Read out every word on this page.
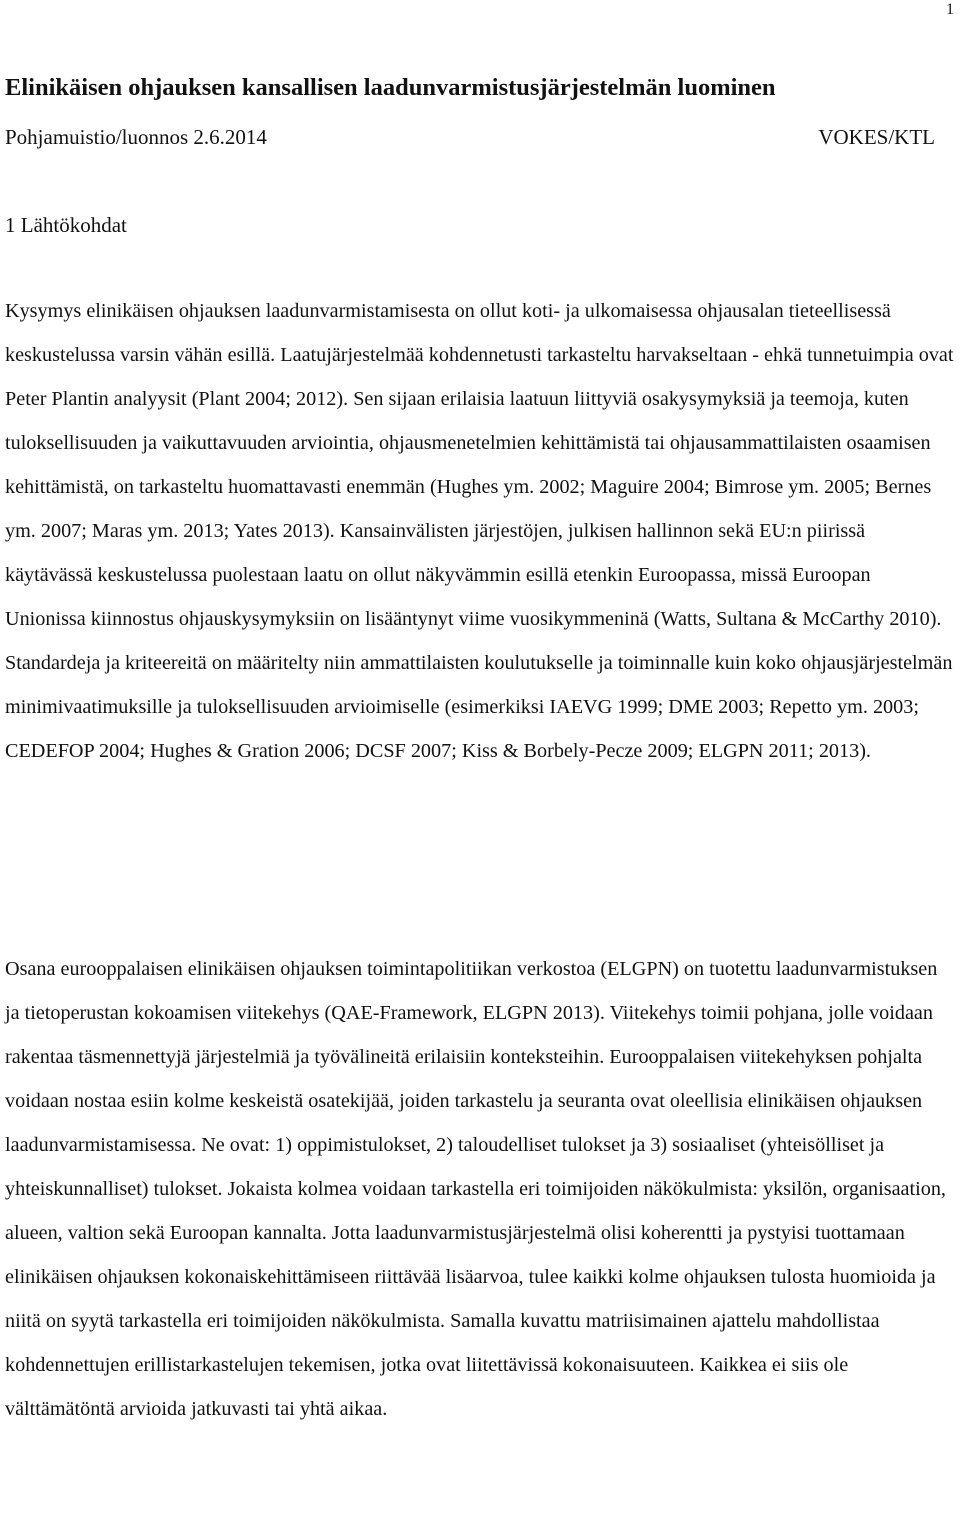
1
Elinikäisen ohjauksen kansallisen laadunvarmistusjärjestelmän luominen
Pohjamuistio/luonnos 2.6.2014	VOKES/KTL
1 Lähtökohdat

Kysymys elinikäisen ohjauksen laadunvarmistamisesta on ollut koti- ja ulkomaisessa ohjausalan tieteellisessä keskustelussa varsin vähän esillä. Laatujärjestelmää kohdennetusti tarkasteltu harvakseltaan - ehkä tunnetuimpia ovat Peter Plantin analyysit (Plant 2004; 2012). Sen sijaan erilaisia laatuun liittyviä osakysymyksiä ja teemoja, kuten tuloksellisuuden ja vaikuttavuuden arviointia, ohjausmenetelmien kehittämistä tai ohjausammattilaisten osaamisen kehittämistä, on tarkasteltu huomattavasti enemmän (Hughes ym. 2002; Maguire 2004; Bimrose ym. 2005; Bernes ym. 2007; Maras ym. 2013; Yates 2013). Kansainvälisten järjestöjen, julkisen hallinnon sekä EU:n piirissä käytävässä keskustelussa puolestaan laatu on ollut näkyvämmin esillä etenkin Euroopassa, missä Euroopan Unionissa kiinnostus ohjauskysymyksiin on lisääntynyt viime vuosikymmeninä (Watts, Sultana & McCarthy 2010). Standardeja ja kriteereitä on määritelty niin ammattilaisten koulutukselle ja toiminnalle kuin koko ohjausjärjestelmän minimivaatimuksille ja tuloksellisuuden arvioimiselle (esimerkiksi IAEVG 1999; DME 2003; Repetto ym. 2003; CEDEFOP 2004; Hughes & Gration 2006; DCSF 2007; Kiss & Borbely-Pecze 2009; ELGPN 2011; 2013).

Osana eurooppalaisen elinikäisen ohjauksen toimintapolitiikan verkostoa (ELGPN) on tuotettu laadunvarmistuksen ja tietoperustan kokoamisen viitekehys (QAE-Framework, ELGPN 2013). Viitekehys toimii pohjana, jolle voidaan rakentaa täsmennettyjä järjestelmiä ja työvälineitä erilaisiin konteksteihin. Eurooppalaisen viitekehyksen pohjalta voidaan nostaa esiin kolme keskeistä osatekijää, joiden tarkastelu ja seuranta ovat oleellisia elinikäisen ohjauksen laadunvarmistamisessa. Ne ovat: 1) oppimistulokset, 2) taloudelliset tulokset ja 3) sosiaaliset (yhteisölliset ja yhteiskunnalliset) tulokset. Jokaista kolmea voidaan tarkastella eri toimijoiden näkökulmista: yksilön, organisaation, alueen, valtion sekä Euroopan kannalta. Jotta laadunvarmistusjärjestelmä olisi koherentti ja pystyisi tuottamaan elinikäisen ohjauksen kokonaiskehittämiseen riittävää lisäarvoa, tulee kaikki kolme ohjauksen tulosta huomioida ja niitä on syytä tarkastella eri toimijoiden näkökulmista. Samalla kuvattu matriisimainen ajattelu mahdollistaa kohdennettujen erillistarkastelujen tekemisen, jotka ovat liitettävissä kokonaisuuteen. Kaikkea ei siis ole välttämätöntä arvioida jatkuvasti tai yhtä aikaa.
